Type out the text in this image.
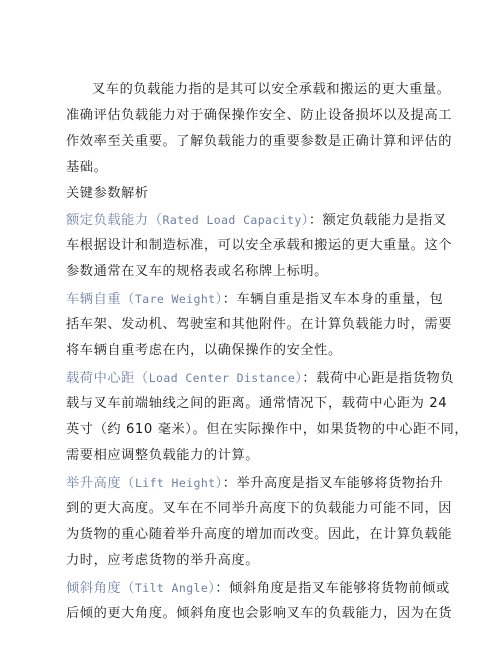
叉车的负载能力指的是其可以安全承载和搬运的更大重量。
准确评估负载能力对于确保操作安全、防止设备损坏以及提高工
作效率至关重要。了解负载能力的重要参数是正确计算和评估的
基础。
关键参数解析
额定负载能力（Rated Load Capacity）：额定负载能力是指叉
车根据设计和制造标准，可以安全承载和搬运的更大重量。这个
参数通常在叉车的规格表或名称牌上标明。
车辆自重（Tare Weight）：车辆自重是指叉车本身的重量，包
括车架、发动机、驾驶室和其他附件。在计算负载能力时，需要
将车辆自重考虑在内，以确保操作的安全性。
载荷中心距（Load Center Distance）：载荷中心距是指货物负
载与叉车前端轴线之间的距离。通常情况下，载荷中心距为 24
英寸（约 610 毫米）。但在实际操作中，如果货物的中心距不同，
需要相应调整负载能力的计算。
举升高度（Lift Height）：举升高度是指叉车能够将货物抬升
到的更大高度。叉车在不同举升高度下的负载能力可能不同，因
为货物的重心随着举升高度的增加而改变。因此，在计算负载能
力时，应考虑货物的举升高度。
倾斜角度（Tilt Angle）：倾斜角度是指叉车能够将货物前倾或
后倾的更大角度。倾斜角度也会影响叉车的负载能力，因为在货
